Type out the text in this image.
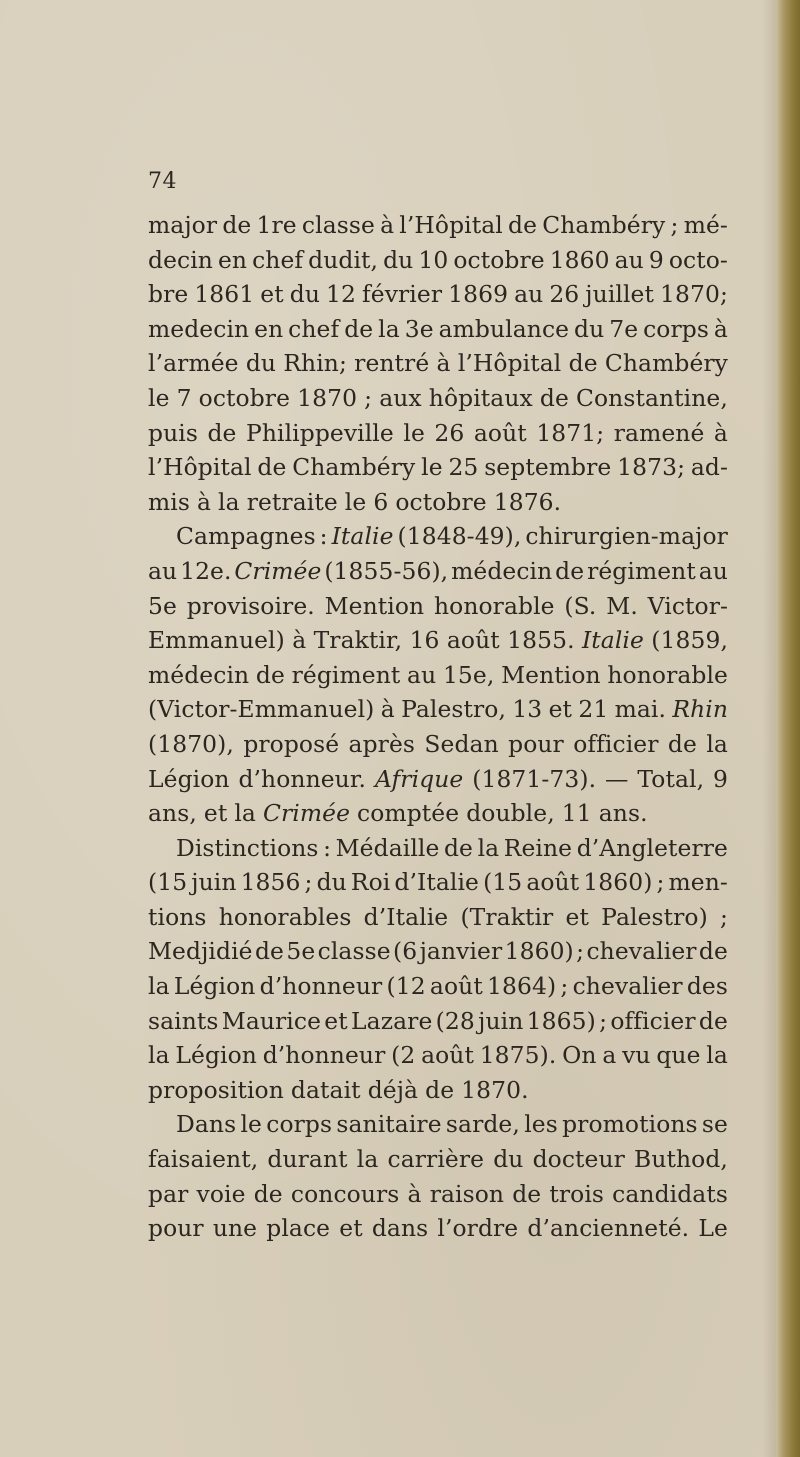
74
major de 1re classe à l’Hôpital de Chambéry ; mé-
decin en chef dudit, du 10 octobre 1860 au 9 octo-
bre 1861 et du 12 février 1869 au 26 juillet 1870;
medecin en chef de la 3e ambulance du 7e corps à
l’armée du Rhin; rentré à l’Hôpital de Chambéry
le 7 octobre 1870 ; aux hôpitaux de Constantine,
puis de Philippeville le 26 août 1871; ramené à
l’Hôpital de Chambéry le 25 septembre 1873; ad-
mis à la retraite le 6 octobre 1876.
Campagnes : Italie (1848-49), chirurgien-major
au 12e. Crimée (1855-56), médecin de régiment au
5e provisoire. Mention honorable (S. M. Victor-
Emmanuel) à Traktir, 16 août 1855. Italie (1859,
médecin de régiment au 15e, Mention honorable
(Victor-Emmanuel) à Palestro, 13 et 21 mai. Rhin
(1870), proposé après Sedan pour officier de la
Légion d’honneur. Afrique (1871-73). — Total, 9
ans, et la Crimée comptée double, 11 ans.
Distinctions : Médaille de la Reine d’Angleterre
(15 juin 1856 ; du Roi d’Italie (15 août 1860) ; men-
tions honorables d’Italie (Traktir et Palestro) ;
Medjidié de 5e classe (6 janvier 1860) ; chevalier de
la Légion d’honneur (12 août 1864) ; chevalier des
saints Maurice et Lazare (28 juin 1865) ; officier de
la Légion d’honneur (2 août 1875). On a vu que la
proposition datait déjà de 1870.
Dans le corps sanitaire sarde, les promotions se
faisaient, durant la carrière du docteur Buthod,
par voie de concours à raison de trois candidats
pour une place et dans l’ordre d’ancienneté. Le
